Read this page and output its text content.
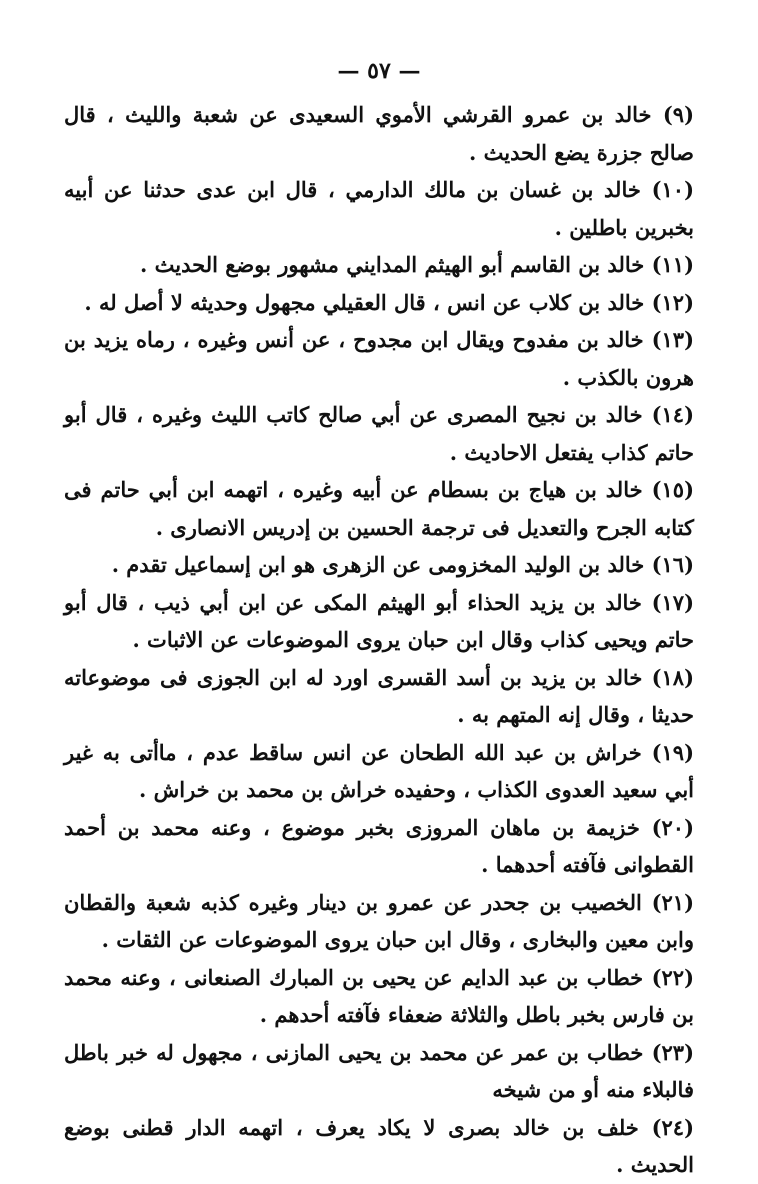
— ٥٧ —
(٩) خالد بن عمرو القرشي الأموي السعيدى عن شعبة والليث ، قال صالح جزرة يضع الحديث .
(١٠) خالد بن غسان بن مالك الدارمي ، قال ابن عدى حدثنا عن أبيه بخبرين باطلين .
(١١) خالد بن القاسم أبو الهيثم المدايني مشهور بوضع الحديث .
(١٢) خالد بن كلاب عن انس ، قال العقيلي مجهول وحديثه لا أصل له .
(١٣) خالد بن مفدوح ويقال ابن مجدوح ، عن أنس وغيره ، رماه يزيد بن هرون بالكذب .
(١٤) خالد بن نجيح المصرى عن أبي صالح كاتب الليث وغيره ، قال أبو حاتم كذاب يفتعل الاحاديث .
(١٥) خالد بن هياج بن بسطام عن أبيه وغيره ، اتهمه ابن أبي حاتم فى كتابه الجرح والتعديل فى ترجمة الحسين بن إدريس الانصارى .
(١٦) خالد بن الوليد المخزومى عن الزهرى هو ابن إسماعيل تقدم .
(١٧) خالد بن يزيد الحذاء أبو الهيثم المكى عن ابن أبي ذيب ، قال أبو حاتم ويحيى كذاب وقال ابن حبان يروى الموضوعات عن الاثبات .
(١٨) خالد بن يزيد بن أسد القسرى اورد له ابن الجوزى فى موضوعاته حديثا ، وقال إنه المتهم به .
(١٩) خراش بن عبد الله الطحان عن انس ساقط عدم ، ماأتى به غير أبي سعيد العدوى الكذاب ، وحفيده خراش بن محمد بن خراش .
(٢٠) خزيمة بن ماهان المروزى بخبر موضوع ، وعنه محمد بن أحمد القطوانى فآفته أحدهما .
(٢١) الخصيب بن جحدر عن عمرو بن دينار وغيره كذبه شعبة والقطان وابن معين والبخارى ، وقال ابن حبان يروى الموضوعات عن الثقات .
(٢٢) خطاب بن عبد الدايم عن يحيى بن المبارك الصنعانى ، وعنه محمد بن فارس بخبر باطل والثلاثة ضعفاء فآفته أحدهم .
(٢٣) خطاب بن عمر عن محمد بن يحيى المازنى ، مجهول له خبر باطل فالبلاء منه أو من شيخه
(٢٤) خلف بن خالد بصرى لا يكاد يعرف ، اتهمه الدار قطنى بوضع الحديث .
